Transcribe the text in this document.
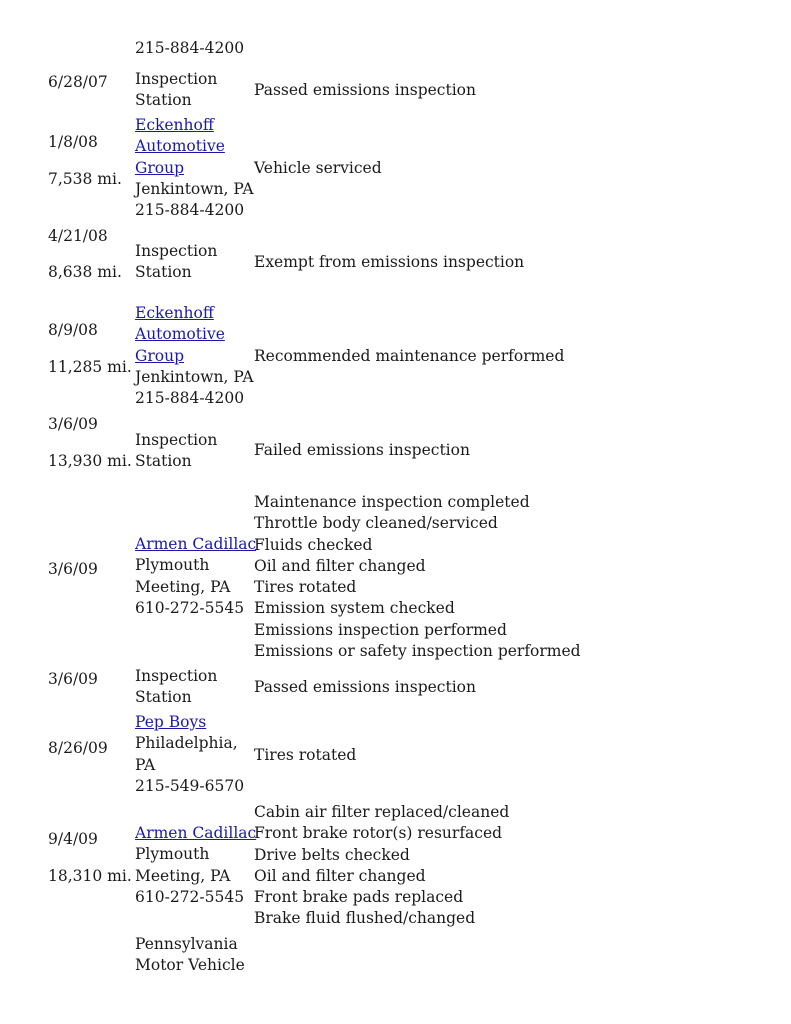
215-884-4200
6/28/07 Inspection
Station
Passed emissions inspection
1/8/08
7,538 mi.
Eckenhoff
Automotive
Group
Jenkintown, PA
215-884-4200
Vehicle serviced
4/21/08
8,638 mi.
Inspection
Station
Exempt from emissions inspection
8/9/08
11,285 mi.
Eckenhoff
Automotive
Group
Jenkintown, PA
215-884-4200
Recommended maintenance performed
3/6/09
13,930 mi.
Inspection
Station
Failed emissions inspection
3/6/09
Armen Cadillac
Plymouth
Meeting, PA
610-272-5545
Maintenance inspection completed
Throttle body cleaned/serviced
Fluids checked
Oil and filter changed
Tires rotated
Emission system checked
Emissions inspection performed
Emissions or safety inspection performed
3/6/09 Inspection
Station
Passed emissions inspection
8/26/09
Pep Boys
Philadelphia,
PA
215-549-6570
Tires rotated
9/4/09
18,310 mi.
Armen Cadillac
Plymouth
Meeting, PA
610-272-5545
Cabin air filter replaced/cleaned
Front brake rotor(s) resurfaced
Drive belts checked
Oil and filter changed
Front brake pads replaced
Brake fluid flushed/changed
Pennsylvania
Motor Vehicle
